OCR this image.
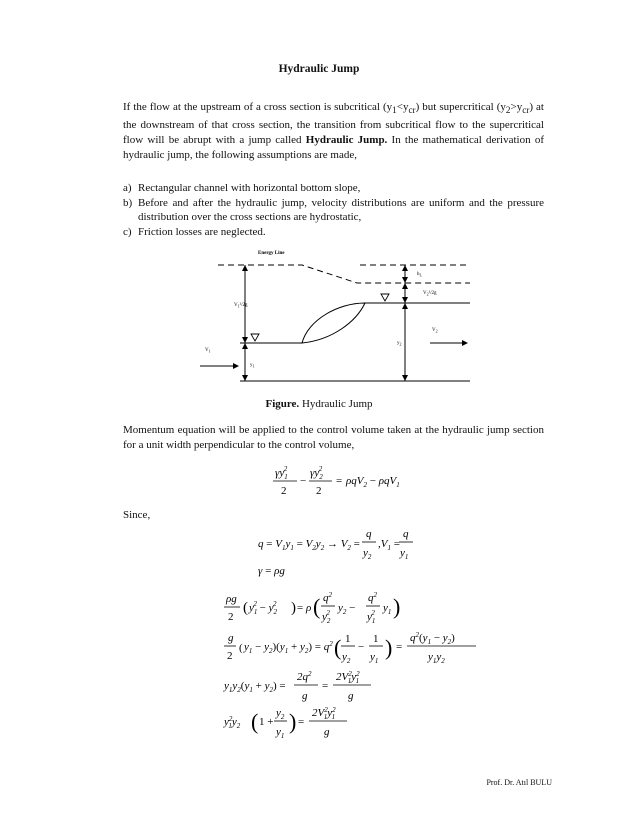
Hydraulic Jump
If the flow at the upstream of a cross section is subcritical $(y_1<y_{cr})$ but supercritical $(y_2>y_{cr})$ at the downstream of that cross section, the transition from subcritical flow to the supercritical flow will be abrupt with a jump called Hydraulic Jump. In the mathematical derivation of hydraulic jump, the following assumptions are made,
a) Rectangular channel with horizontal bottom slope,
b) Before and after the hydraulic jump, velocity distributions are uniform and the pressure distribution over the cross sections are hydrostatic,
c) Friction losses are neglected.
Energy Line
$h_L$
$V_2^2/2g$
$V_1^2/2g$
$V_1$
$V_2$
$y_1$
$y_2$
Figure. Hydraulic Jump
Momentum equation will be applied to the control volume taken at the hydraulic jump section for a unit width perpendicular to the control volume,
$\gamma y_12$
2
−
$\gamma y_22$
2
= ρqV$_2$ − ρqV$_1$
$q = V_1y_1 = V_2y_2 \to V_2$ =
q
$y_2$
$,V_1$ =
q
$y_1$
γ = ρg
ρg
2
( $y_12 - y_22$ ) = ρ ( $q^2$
$y_22$ $y_2$ −
$q^2$
$y_12$ $y_1$ )
g
2
( $y_1 - y_2)(y_1 + y_2) = q^2$ ( 1
$y_2$
−
1
$y_1$
) =
$q^2(y_1 - y_2)$
$y_1y_2$
$y_1y_2(y_1 + y_2)$ =
$2q^2$
g
=
$2V^2$ $1y^2$ 1
g
$y^2$ $1y_2$ ( 1 +
$y_2$
$y_1$
) =
$2V^2$ $1y^2$ 1
g
Since,
Prof. Dr. Atıl BULU
